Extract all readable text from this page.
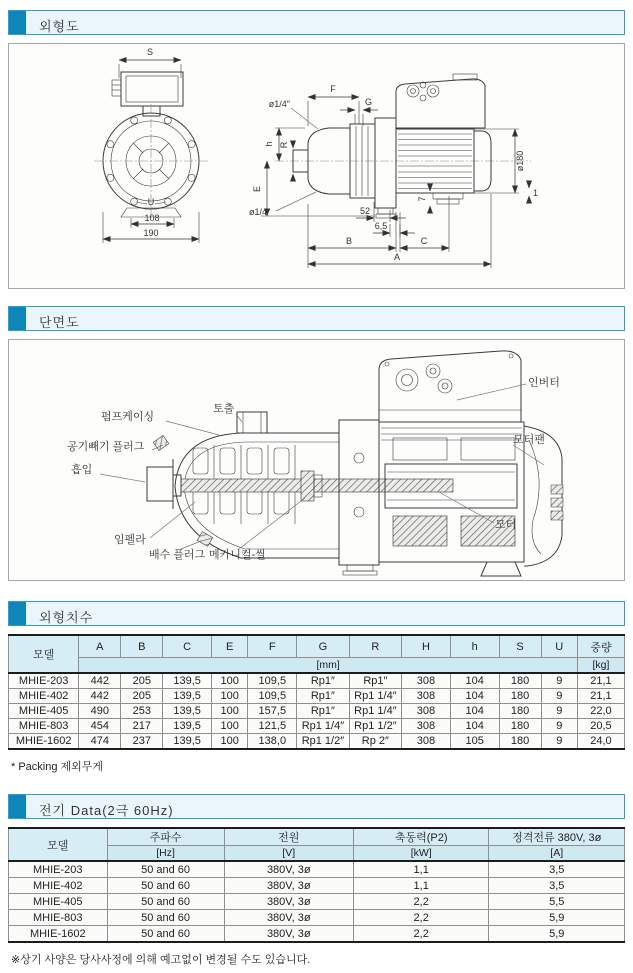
외형도
S
U
108
190
F
G
h
E
R
ø1/4″
ø1/4″	52
6,5
7
B	C
A
ø180
1
단면도
토출
펌프케이싱
공기빼기 플러그
흡입
임펠라
배수 플러그 메카니컬-씰
인버터
모터팬
모터
외형치수
모델	A	B	C	E	F	G	R	H	h	S	U	중량
	[mm]											[kg]
MHIE-203	442	205	139,5	100	109,5	Rp1″	Rp1″	308	104	180	9	21,1
MHIE-402	442	205	139,5	100	109,5	Rp1″	Rp1 1/4″	308	104	180	9	21,1
MHIE-405	490	253	139,5	100	157,5	Rp1″	Rp1 1/4″	308	104	180	9	22,0
MHIE-803	454	217	139,5	100	121,5	Rp1 1/4″	Rp1 1/2″	308	104	180	9	20,5
MHIE-1602	474	237	139,5	100	138,0	Rp1 1/2″	Rp 2″	308	105	180	9	24,0
* Packing 제외무게
전기 Data(2극 60Hz)
모델	주파수	전원	축동력(P2)	정격전류 380V, 3ø
	[Hz]	[V]	[kW]	[A]
MHIE-203	50 and 60	380V, 3ø	1,1	3,5
MHIE-402	50 and 60	380V, 3ø	1,1	3,5
MHIE-405	50 and 60	380V, 3ø	2,2	5,5
MHIE-803	50 and 60	380V, 3ø	2,2	5,9
MHIE-1602	50 and 60	380V, 3ø	2,2	5,9
※상기 사양은 당사사정에 의해 예고없이 변경될 수도 있습니다.
